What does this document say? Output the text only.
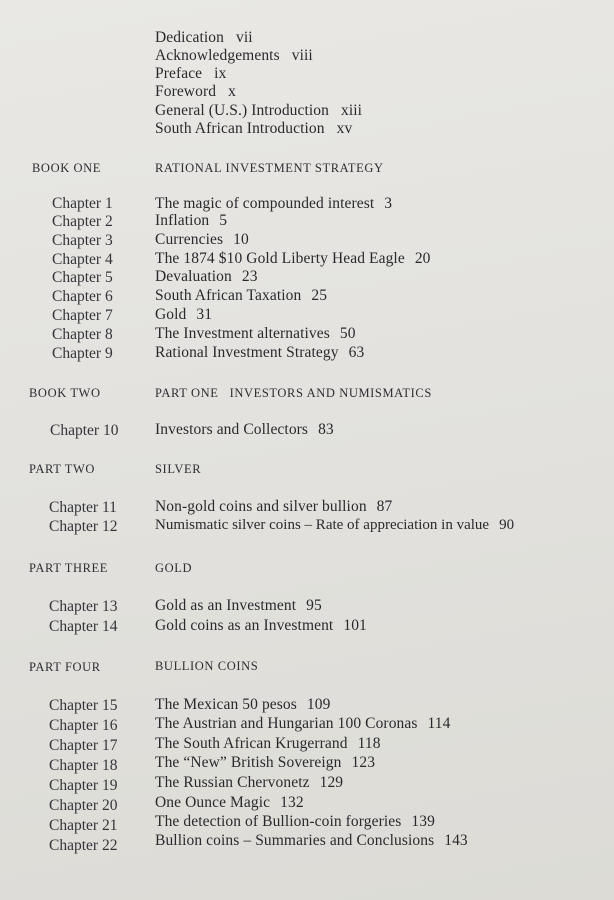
Dedication vii
Acknowledgements viii
Preface ix
Foreword x
General (U.S.) Introduction xiii
South African Introduction xv
BOOK ONE	RATIONAL INVESTMENT STRATEGY
Chapter 1	The magic of compounded interest 3
Chapter 2	Inflation 5
Chapter 3	Currencies 10
Chapter 4	The 1874 $10 Gold Liberty Head Eagle 20
Chapter 5	Devaluation 23
Chapter 6	South African Taxation 25
Chapter 7	Gold 31
Chapter 8	The Investment alternatives 50
Chapter 9	Rational Investment Strategy 63
BOOK TWO	PART ONE   INVESTORS AND NUMISMATICS
Chapter 10 Investors and Collectors 83
PART TWO	SILVER
Chapter 11 Non-gold coins and silver bullion 87
Chapter 12	Numismatic silver coins – Rate of appreciation in value 90
PART THREE	GOLD
Chapter 13 Gold as an Investment 95
Chapter 14 Gold coins as an Investment 101
PART FOUR	BULLION COINS
Chapter 15 The Mexican 50 pesos 109
Chapter 16 The Austrian and Hungarian 100 Coronas 114
Chapter 17 The South African Krugerrand 118
Chapter 18 The “New” British Sovereign 123
Chapter 19 The Russian Chervonetz 129
Chapter 20 One Ounce Magic 132
Chapter 21 The detection of Bullion-coin forgeries 139
Chapter 22 Bullion coins – Summaries and Conclusions 143
